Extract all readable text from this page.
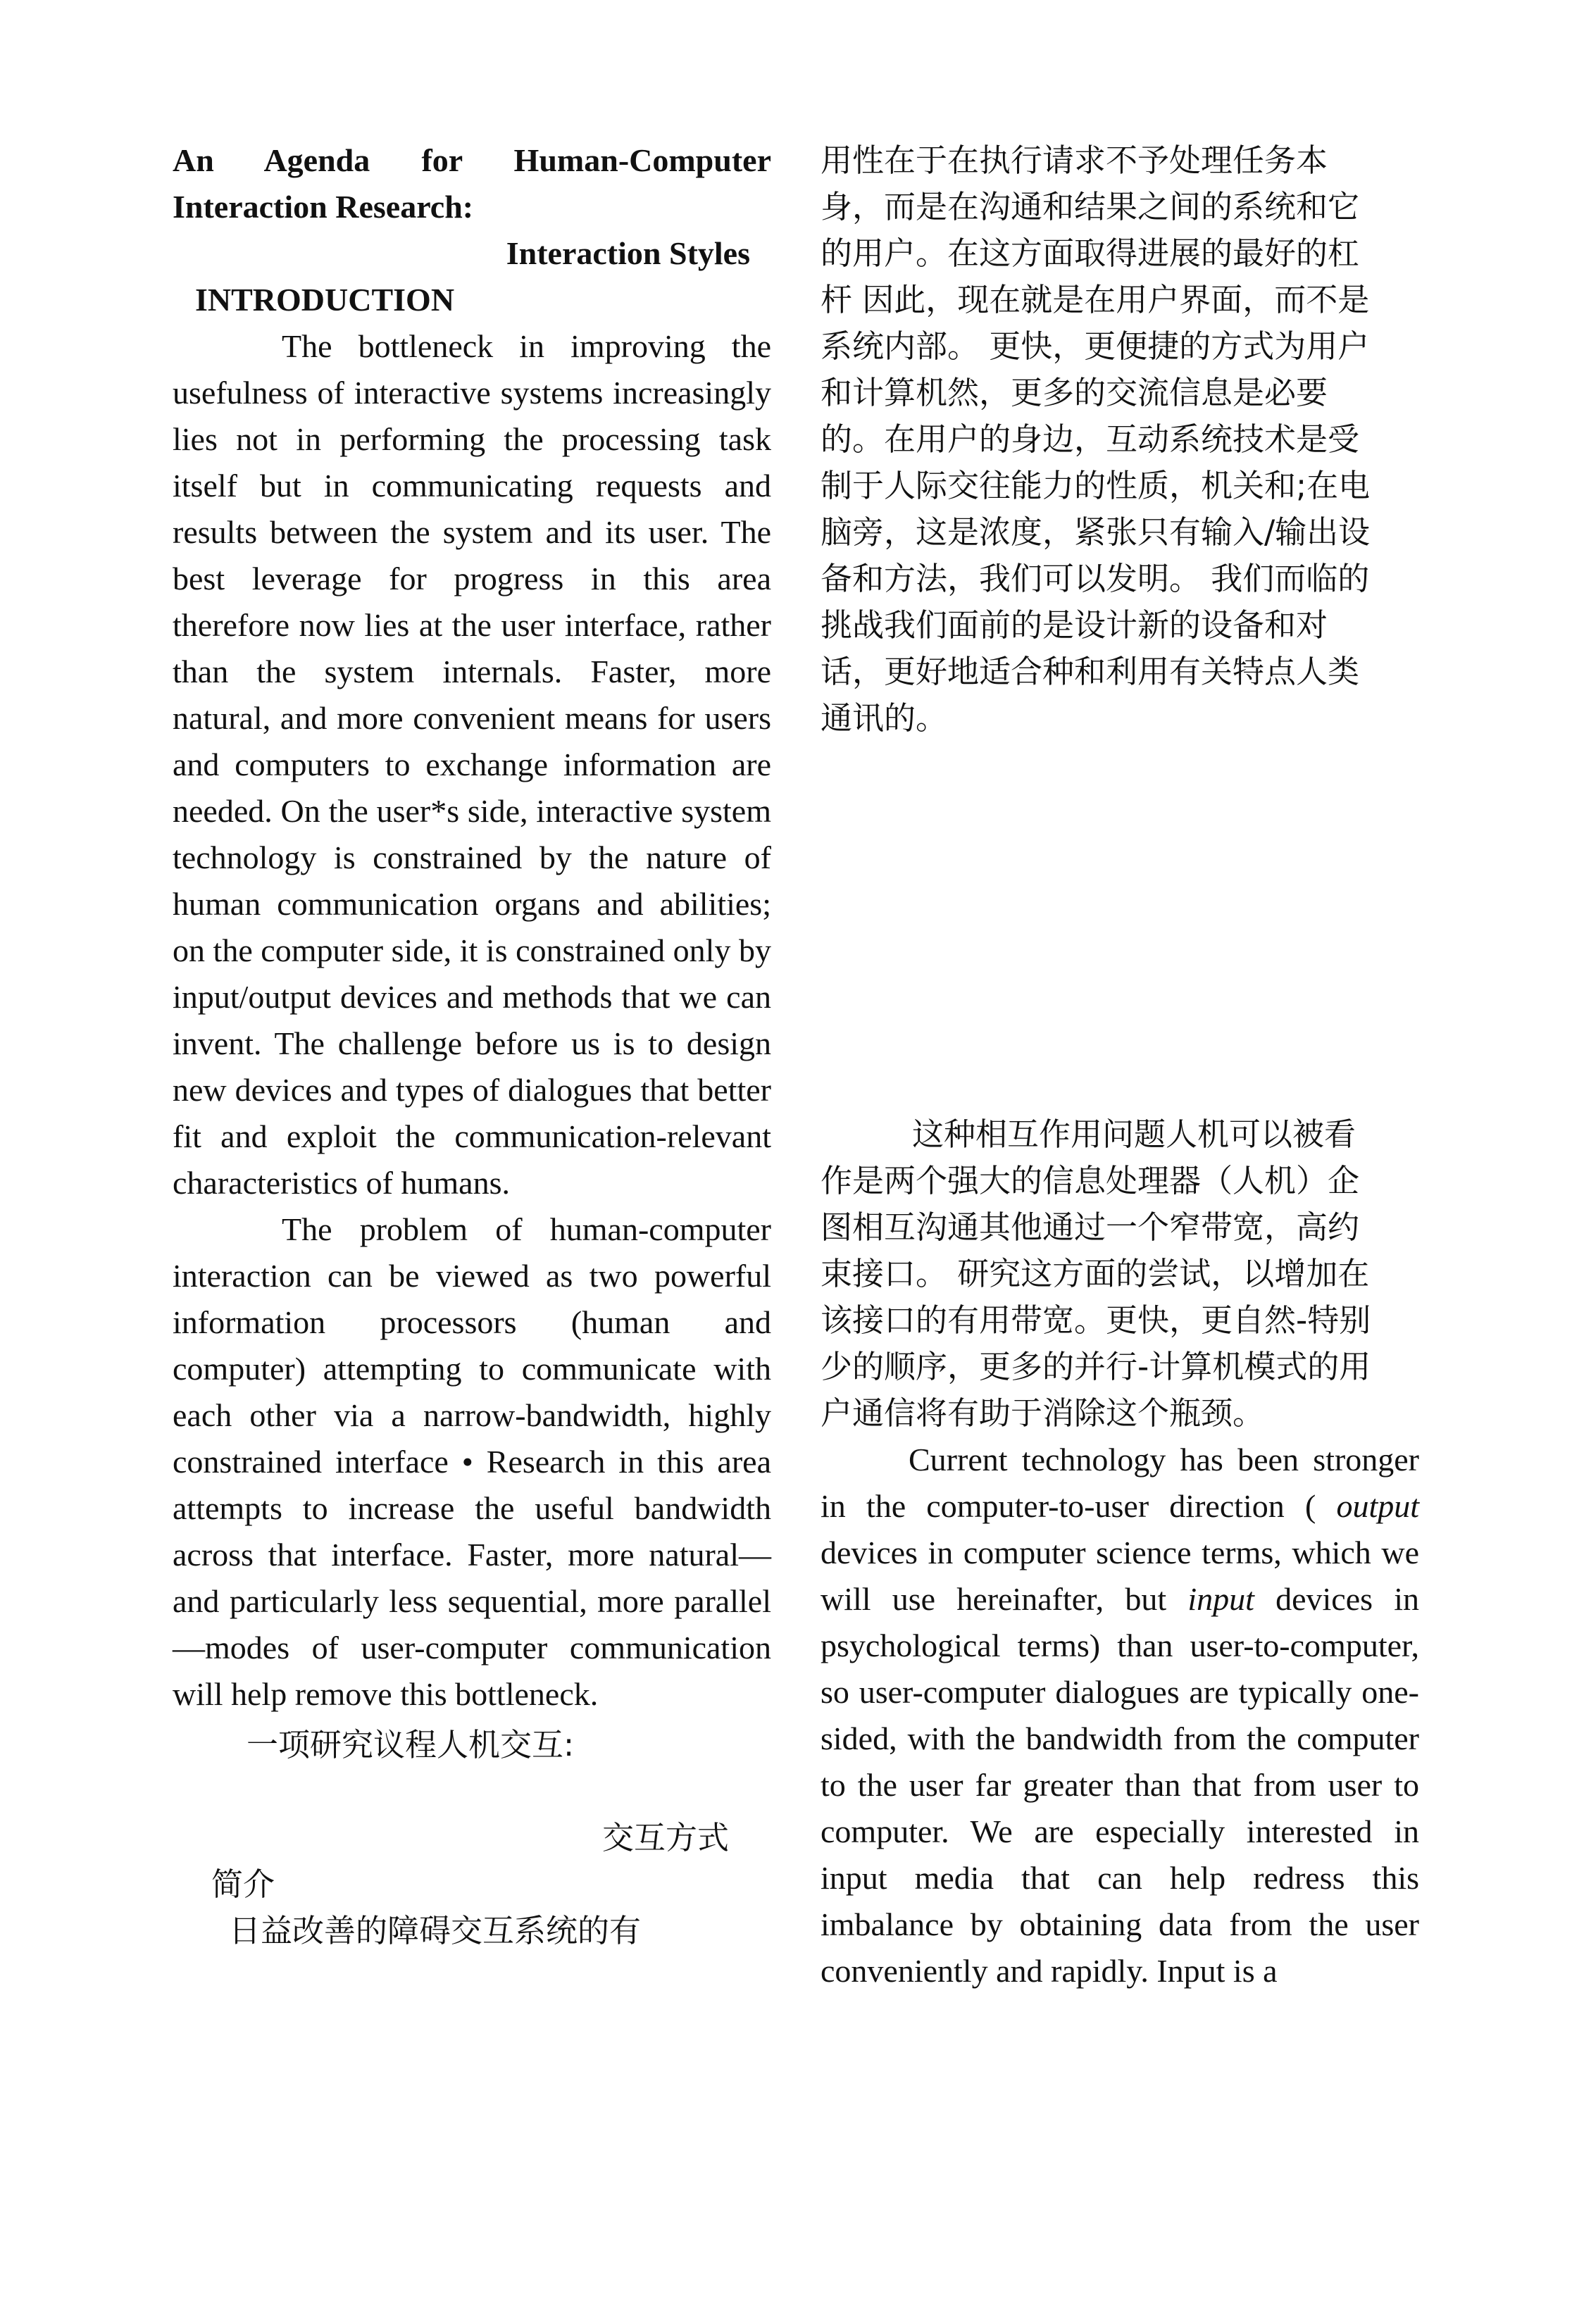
An Agenda for Human-Computer

Interaction Research:

Interaction Styles

INTRODUCTION

The bottleneck in improving the usefulness of interactive systems increasingly lies not in performing the processing task itself but in communicating requests and results between the system and its user. The best leverage for progress in this area therefore now lies at the user interface, rather than the system internals. Faster, more natural, and more convenient means for users and computers to exchange information are needed. On the user*s side, interactive system technology is constrained by the nature of human communication organs and abilities; on the computer side, it is constrained only by input/output devices and methods that we can invent. The challenge before us is to design new devices and types of dialogues that better fit and exploit the communication-relevant characteristics of humans.

The problem of human-computer interaction can be viewed as two powerful information processors (human and computer) attempting to communicate with each other via a narrow-bandwidth, highly constrained interface • Research in this area attempts to increase the useful bandwidth across that interface. Faster, more natural—and particularly less sequential, more parallel—modes of user-computer communication will help remove this bottleneck.

一项研究议程人机交互:

交互方式

简介

日益改善的障碍交互系统的有

用性在于在执行请求不予处理任务本身，而是在沟通和结果之间的系统和它的用户。在这方面取得进展的最好的杠杆 因此，现在就是在用户界面，而不是系统内部。 更快，更便捷的方式为用户和计算机然，更多的交流信息是必要的。在用户的身边，互动系统技术是受制于人际交往能力的性质，机关和;在电脑旁，这是浓度，紧张只有输入/输出设备和方法，我们可以发明。 我们而临的挑战我们面前的是设计新的设备和对话，更好地适合种和利用有关特点人类通讯的。

这种相互作用问题人机可以被看作是两个强大的信息处理器（人机）企图相互沟通其他通过一个窄带宽，高约束接口。 研究这方面的尝试，以增加在该接口的有用带宽。更快，更自然-特别少的顺序，更多的并行-计算机模式的用户通信将有助于消除这个瓶颈。

Current technology has been stronger in the computer-to-user direction ( output devices in computer science terms, which we will use hereinafter, but input devices in psychological terms) than user-to-computer, so user-computer dialogues are typically one-sided, with the bandwidth from the computer to the user far greater than that from user to computer. We are especially interested in input media that can help redress this imbalance by obtaining data from the user conveniently and rapidly. Input is a
